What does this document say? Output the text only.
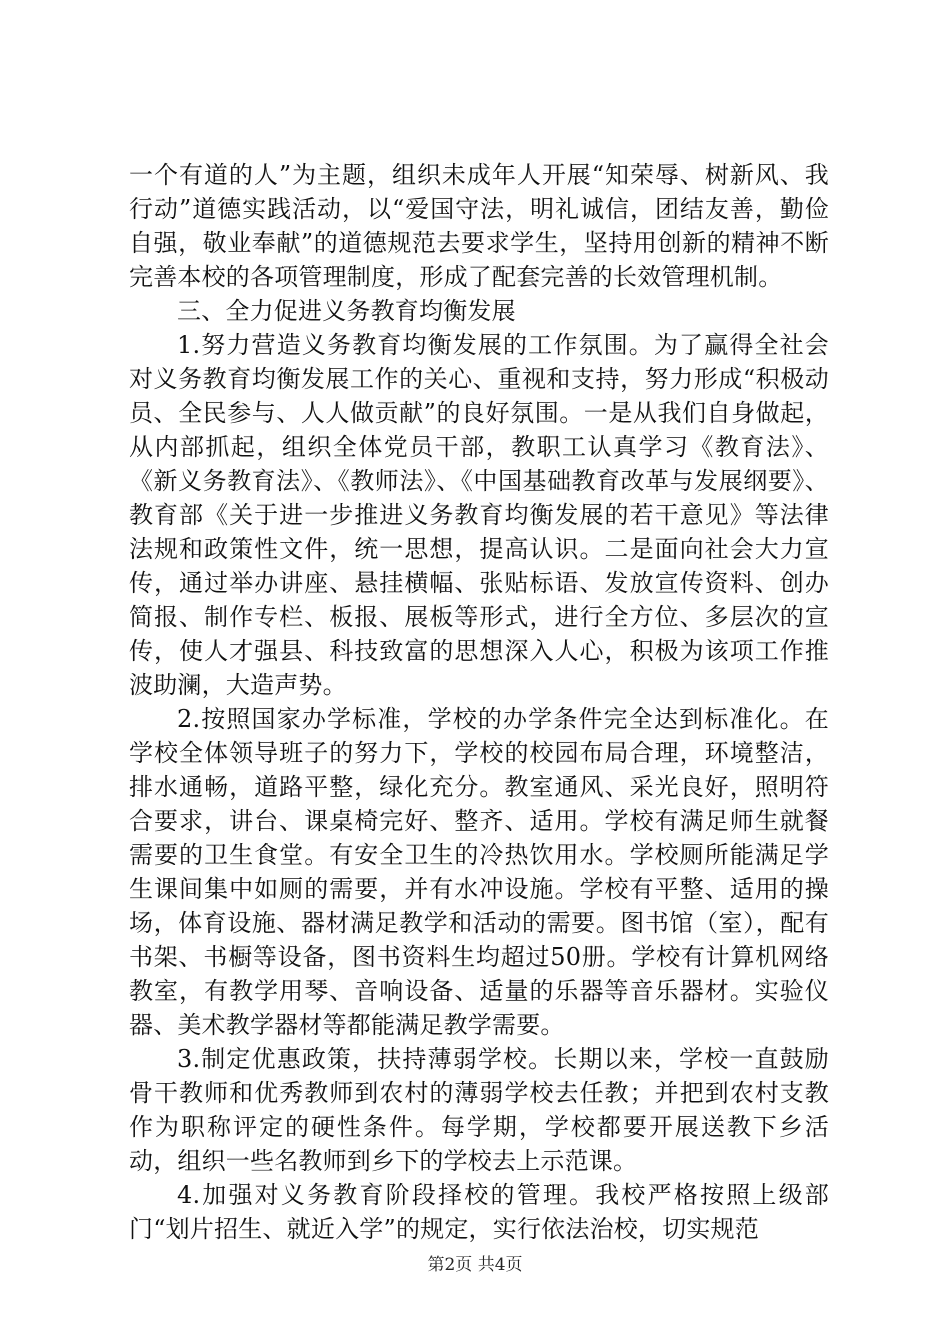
一个有道的人”为主题，组织未成年人开展“知荣辱、树新风、我行动”道德实践活动，以“爱国守法，明礼诚信，团结友善，勤俭自强，敬业奉献”的道德规范去要求学生，坚持用创新的精神不断完善本校的各项管理制度，形成了配套完善的长效管理机制。

三、全力促进义务教育均衡发展

1.努力营造义务教育均衡发展的工作氛围。为了赢得全社会对义务教育均衡发展工作的关心、重视和支持，努力形成“积极动员、全民参与、人人做贡献”的良好氛围。一是从我们自身做起，从内部抓起，组织全体党员干部，教职工认真学习《教育法》、《新义务教育法》、《教师法》、《中国基础教育改革与发展纲要》、教育部《关于进一步推进义务教育均衡发展的若干意见》等法律法规和政策性文件，统一思想，提高认识。二是面向社会大力宣传，通过举办讲座、悬挂横幅、张贴标语、发放宣传资料、创办简报、制作专栏、板报、展板等形式，进行全方位、多层次的宣传，使人才强县、科技致富的思想深入人心，积极为该项工作推波助澜，大造声势。

2.按照国家办学标准，学校的办学条件完全达到标准化。在学校全体领导班子的努力下，学校的校园布局合理，环境整洁，排水通畅，道路平整，绿化充分。教室通风、采光良好，照明符合要求，讲台、课桌椅完好、整齐、适用。学校有满足师生就餐需要的卫生食堂。有安全卫生的冷热饮用水。学校厕所能满足学生课间集中如厕的需要，并有水冲设施。学校有平整、适用的操场，体育设施、器材满足教学和活动的需要。图书馆（室），配有书架、书橱等设备，图书资料生均超过50册。学校有计算机网络教室，有教学用琴、音响设备、适量的乐器等音乐器材。实验仪器、美术教学器材等都能满足教学需要。

3.制定优惠政策，扶持薄弱学校。长期以来，学校一直鼓励骨干教师和优秀教师到农村的薄弱学校去任教；并把到农村支教作为职称评定的硬性条件。每学期，学校都要开展送教下乡活动，组织一些名教师到乡下的学校去上示范课。

4.加强对义务教育阶段择校的管理。我校严格按照上级部门“划片招生、就近入学”的规定，实行依法治校，切实规范

第2页 共4页
